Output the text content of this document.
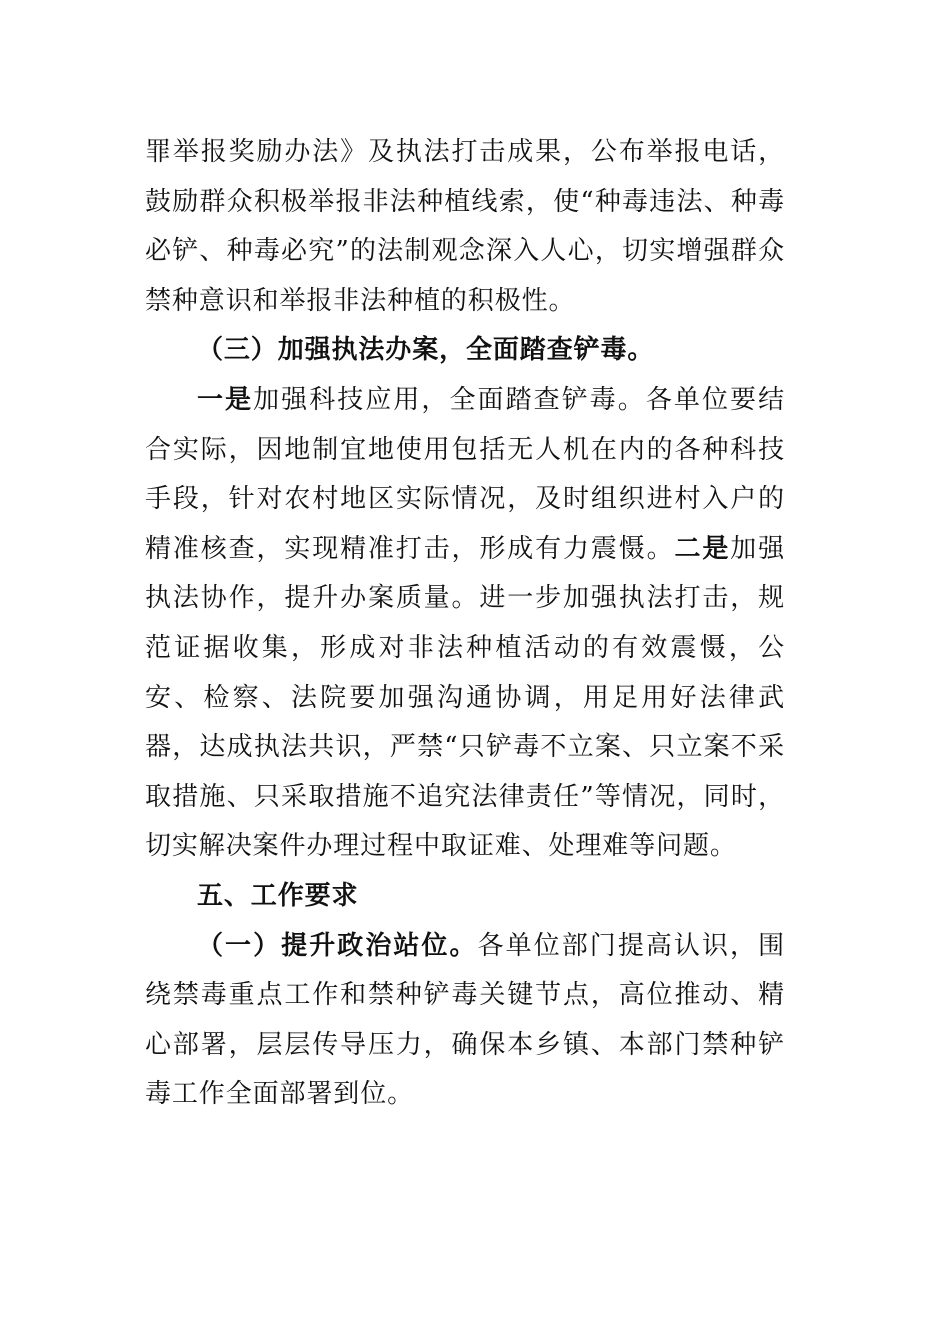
罪举报奖励办法》及执法打击成果，公布举报电话，鼓励群众积极举报非法种植线索，使“种毒违法、种毒必铲、种毒必究”的法制观念深入人心，切实增强群众禁种意识和举报非法种植的积极性。

（三）加强执法办案，全面踏查铲毒。

一是加强科技应用，全面踏查铲毒。各单位要结合实际，因地制宜地使用包括无人机在内的各种科技手段，针对农村地区实际情况，及时组织进村入户的精准核查，实现精准打击，形成有力震慑。二是加强执法协作，提升办案质量。进一步加强执法打击，规范证据收集，形成对非法种植活动的有效震慑，公安、检察、法院要加强沟通协调，用足用好法律武器，达成执法共识，严禁“只铲毒不立案、只立案不采取措施、只采取措施不追究法律责任”等情况，同时，切实解决案件办理过程中取证难、处理难等问题。

五、工作要求

（一）提升政治站位。各单位部门提高认识，围绕禁毒重点工作和禁种铲毒关键节点，高位推动、精心部署，层层传导压力，确保本乡镇、本部门禁种铲毒工作全面部署到位。
